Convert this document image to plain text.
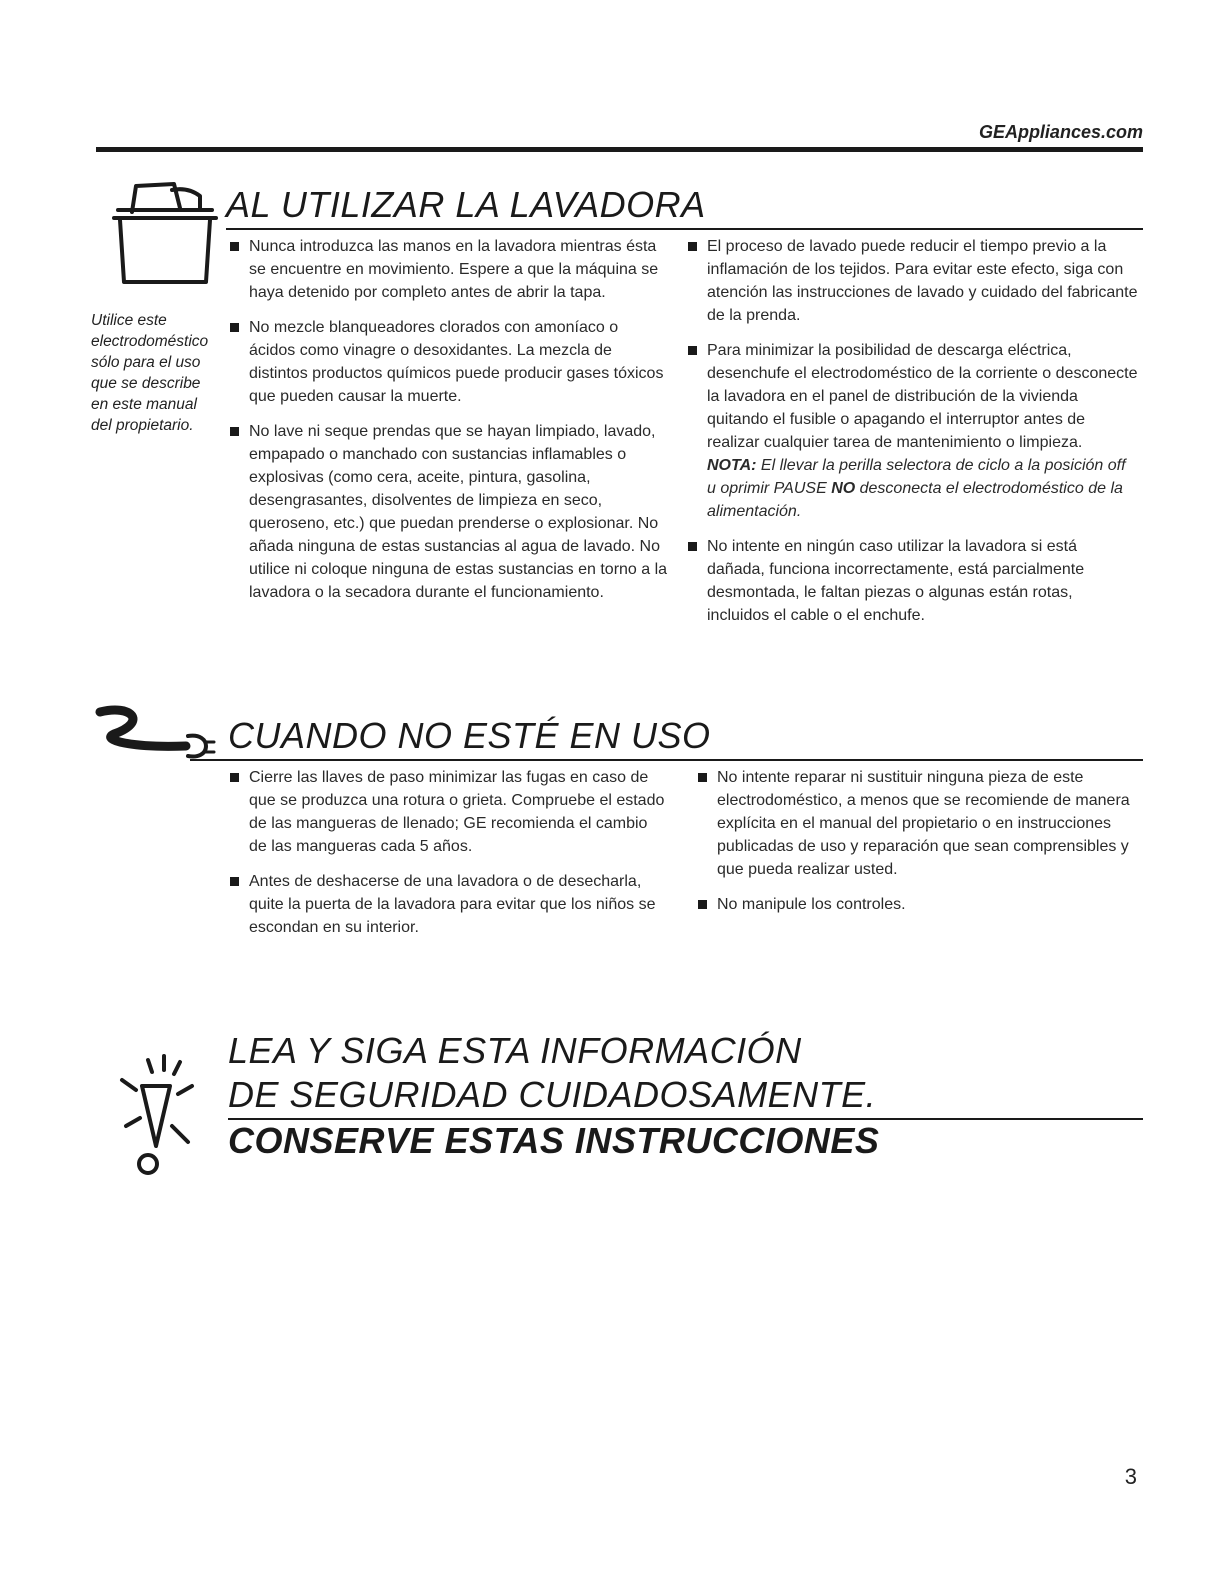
GEAppliances.com
AL UTILIZAR LA LAVADORA
Utilice este
electrodoméstico
sólo para el uso
que se describe
en este manual
del propietario.
Nunca introduzca las manos en la lavadora mientras ésta se encuentre en movimiento. Espere a que la máquina se haya detenido por completo antes de abrir la tapa.
No mezcle blanqueadores clorados con amoníaco o ácidos como vinagre o desoxidantes. La mezcla de distintos productos químicos puede producir gases tóxicos que pueden causar la muerte.
No lave ni seque prendas que se hayan limpiado, lavado, empapado o manchado con sustancias inflamables o explosivas (como cera, aceite, pintura, gasolina, desengrasantes, disolventes de limpieza en seco, queroseno, etc.) que puedan prenderse o explosionar. No añada ninguna de estas sustancias al agua de lavado. No utilice ni coloque ninguna de estas sustancias en torno a la lavadora o la secadora durante el funcionamiento.
El proceso de lavado puede reducir el tiempo previo a la inflamación de los tejidos. Para evitar este efecto, siga con atención las instrucciones de lavado y cuidado del fabricante de la prenda.
Para minimizar la posibilidad de descarga eléctrica, desenchufe el electrodoméstico de la corriente o desconecte la lavadora en el panel de distribución de la vivienda quitando el fusible o apagando el interruptor antes de realizar cualquier tarea de mantenimiento o limpieza.
NOTA: El llevar la perilla selectora de ciclo a la posición off u oprimir PAUSE NO desconecta el electrodoméstico de la alimentación.
No intente en ningún caso utilizar la lavadora si está dañada, funciona incorrectamente, está parcialmente desmontada, le faltan piezas o algunas están rotas, incluidos el cable o el enchufe.
CUANDO NO ESTÉ EN USO
Cierre las llaves de paso minimizar las fugas en caso de que se produzca una rotura o grieta. Compruebe el estado de las mangueras de llenado; GE recomienda el cambio de las mangueras cada 5 años.
Antes de deshacerse de una lavadora o de desecharla, quite la puerta de la lavadora para evitar que los niños se escondan en su interior.
No intente reparar ni sustituir ninguna pieza de este electrodoméstico, a menos que se recomiende de manera explícita en el manual del propietario o en instrucciones publicadas de uso y reparación que sean comprensibles y que pueda realizar usted.
No manipule los controles.
LEA Y SIGA ESTA INFORMACIÓN
DE SEGURIDAD CUIDADOSAMENTE.
CONSERVE ESTAS INSTRUCCIONES
3
